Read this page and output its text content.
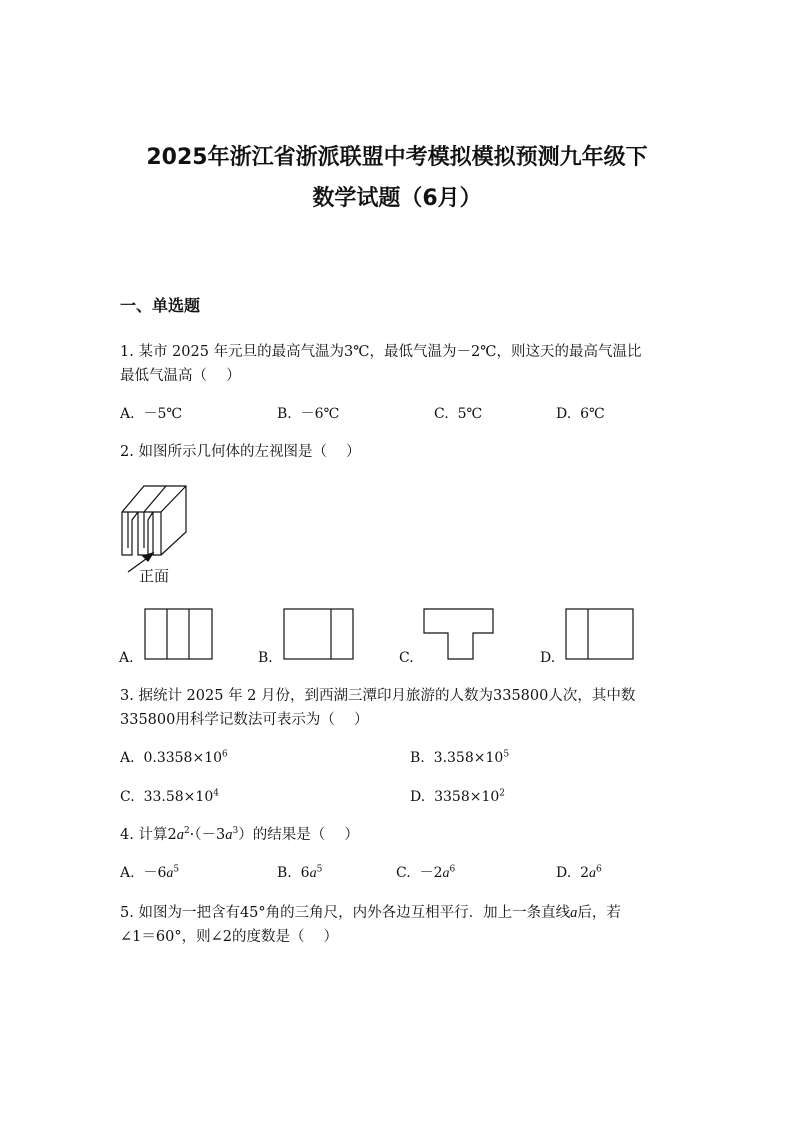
2025年浙江省浙派联盟中考模拟模拟预测九年级下
数学试题（6月）
一、单选题
1. 某市 2025 年元旦的最高气温为3℃，最低气温为－2℃，则这天的最高气温比
最低气温高（　 ）
A. －5℃	B. －6℃	C. 5℃	D. 6℃
2. 如图所示几何体的左视图是（　 ）
正面
A.	B.	C.	D.
3. 据统计 2025 年 2 月份，到西湖三潭印月旅游的人数为335800人次，其中数
335800用科学记数法可表示为（　 ）
A. $0.3358\times 10^6$	B. $3.358\times 10^5$
C. $33.58\times 10^4$	D. $3358\times 10^2$
4. 计算$2a^2\cdot(-3a^3)$的结果是（　 ）
A. $-6a^5$	B. $6a^5$	C. $-2a^6$	D. $2a^6$
5. 如图为一把含有45°角的三角尺，内外各边互相平行．加上一条直线a后，若
∠1＝60°，则∠2的度数是（　 ）
